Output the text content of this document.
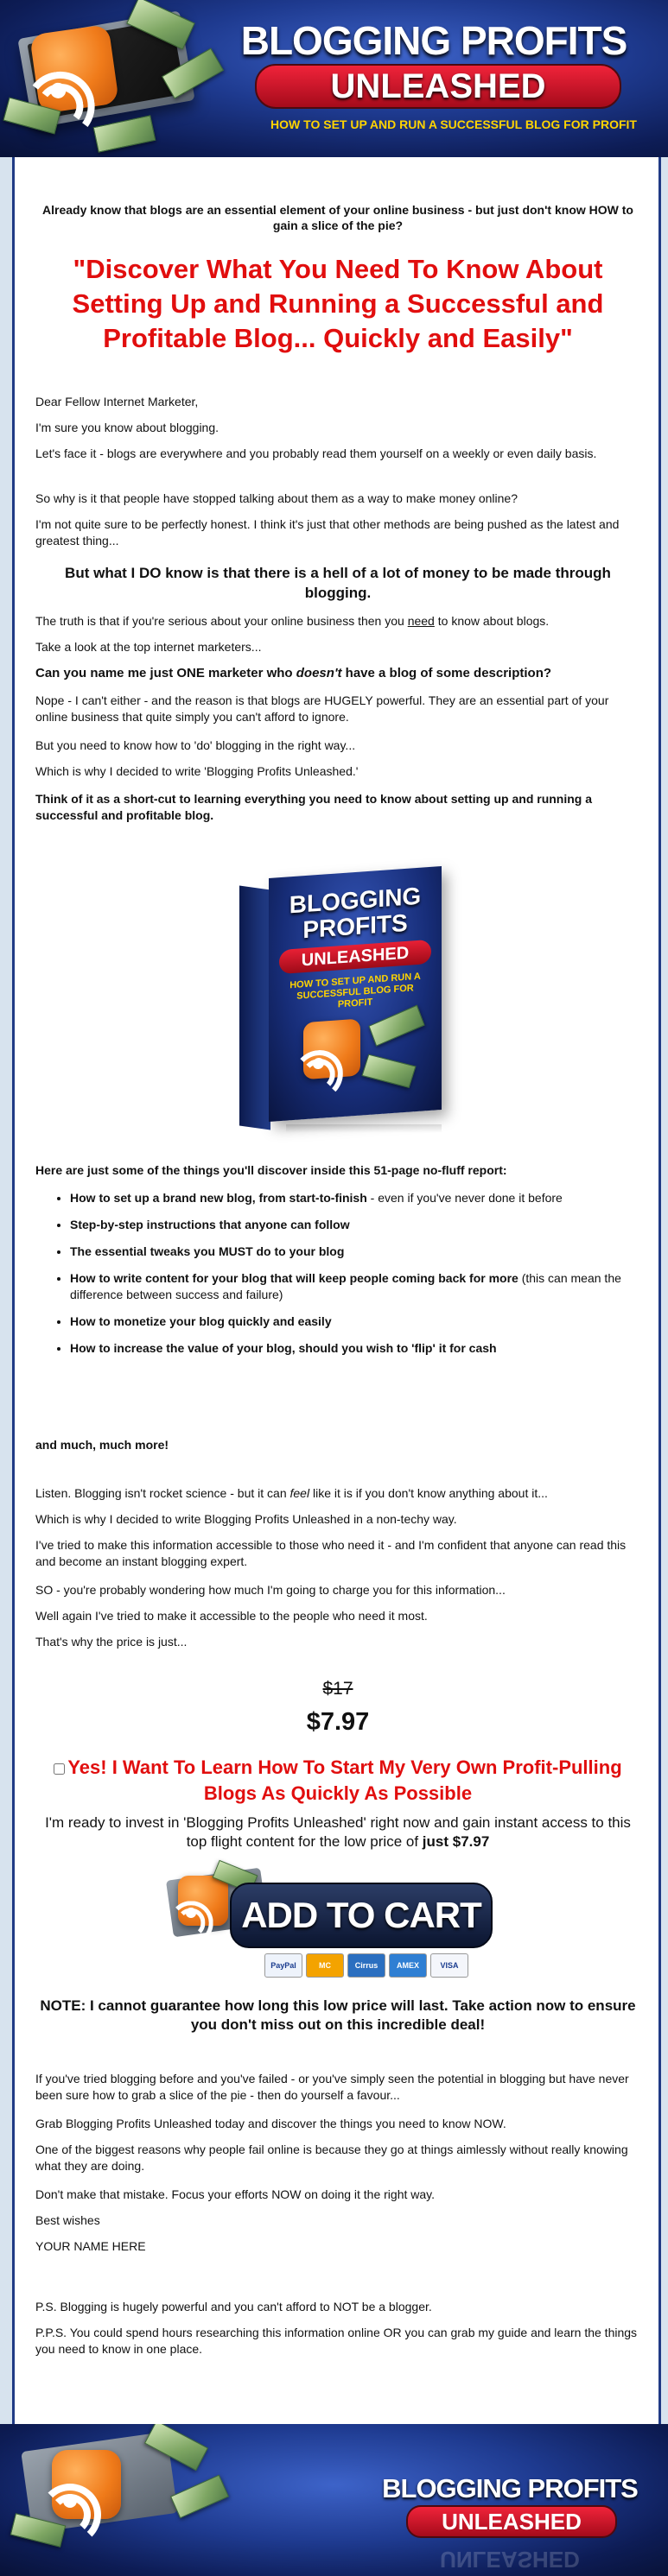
BLOGGING PROFITS
UNLEASHED
HOW TO SET UP AND RUN A SUCCESSFUL BLOG FOR PROFIT
Already know that blogs are an essential element of your online business - but just don't know HOW to gain a slice of the pie?
"Discover What You Need To Know About Setting Up and Running a Successful and Profitable Blog... Quickly and Easily"

Dear Fellow Internet Marketer,

I'm sure you know about blogging.

Let's face it - blogs are everywhere and you probably read them yourself on a weekly or even daily basis.

So why is it that people have stopped talking about them as a way to make money online?

I'm not quite sure to be perfectly honest. I think it's just that other methods are being pushed as the latest and greatest thing...

But what I DO know is that there is a hell of a lot of money to be made through blogging.

The truth is that if you're serious about your online business then you need to know about blogs.

Take a look at the top internet marketers...

Can you name me just ONE marketer who doesn't have a blog of some description?

Nope - I can't either - and the reason is that blogs are HUGELY powerful. They are an essential part of your online business that quite simply you can't afford to ignore.

But you need to know how to 'do' blogging in the right way...

Which is why I decided to write 'Blogging Profits Unleashed.'

Think of it as a short-cut to learning everything you need to know about setting up and running a successful and profitable blog.

BLOGGING PROFITS
UNLEASHED
HOW TO SET UP AND RUN A SUCCESSFUL BLOG FOR PROFIT

Here are just some of the things you'll discover inside this 51-page no-fluff report:

• How to set up a brand new blog, from start-to-finish - even if you've never done it before
• Step-by-step instructions that anyone can follow
• The essential tweaks you MUST do to your blog
• How to write content for your blog that will keep people coming back for more (this can mean the difference between success and failure)
• How to monetize your blog quickly and easily
• How to increase the value of your blog, should you wish to 'flip' it for cash

and much, much more!

Listen. Blogging isn't rocket science - but it can feel like it is if you don't know anything about it...

Which is why I decided to write Blogging Profits Unleashed in a non-techy way.

I've tried to make this information accessible to those who need it - and I'm confident that anyone can read this and become an instant blogging expert.

SO - you're probably wondering how much I'm going to charge you for this information...

Well again I've tried to make it accessible to the people who need it most.

That's why the price is just...

$17
$7.97
Yes! I Want To Learn How To Start My Very Own Profit-Pulling Blogs As Quickly As Possible
I'm ready to invest in 'Blogging Profits Unleashed' right now and gain instant access to this top flight content for the low price of just $7.97
ADD TO CART
PayPal	MC	Cirrus AMEX	VISA
NOTE: I cannot guarantee how long this low price will last. Take action now to ensure you don't miss out on this incredible deal!

If you've tried blogging before and you've failed - or you've simply seen the potential in blogging but have never been sure how to grab a slice of the pie - then do yourself a favour...

Grab Blogging Profits Unleashed today and discover the things you need to know NOW.

One of the biggest reasons why people fail online is because they go at things aimlessly without really knowing what they are doing.

Don't make that mistake. Focus your efforts NOW on doing it the right way.

Best wishes

YOUR NAME HERE

P.S. Blogging is hugely powerful and you can't afford to NOT be a blogger.

P.P.S. You could spend hours researching this information online OR you can grab my guide and learn the things you need to know in one place.

BLOGGING PROFITS
UNLEASHED
UNLEASHED
